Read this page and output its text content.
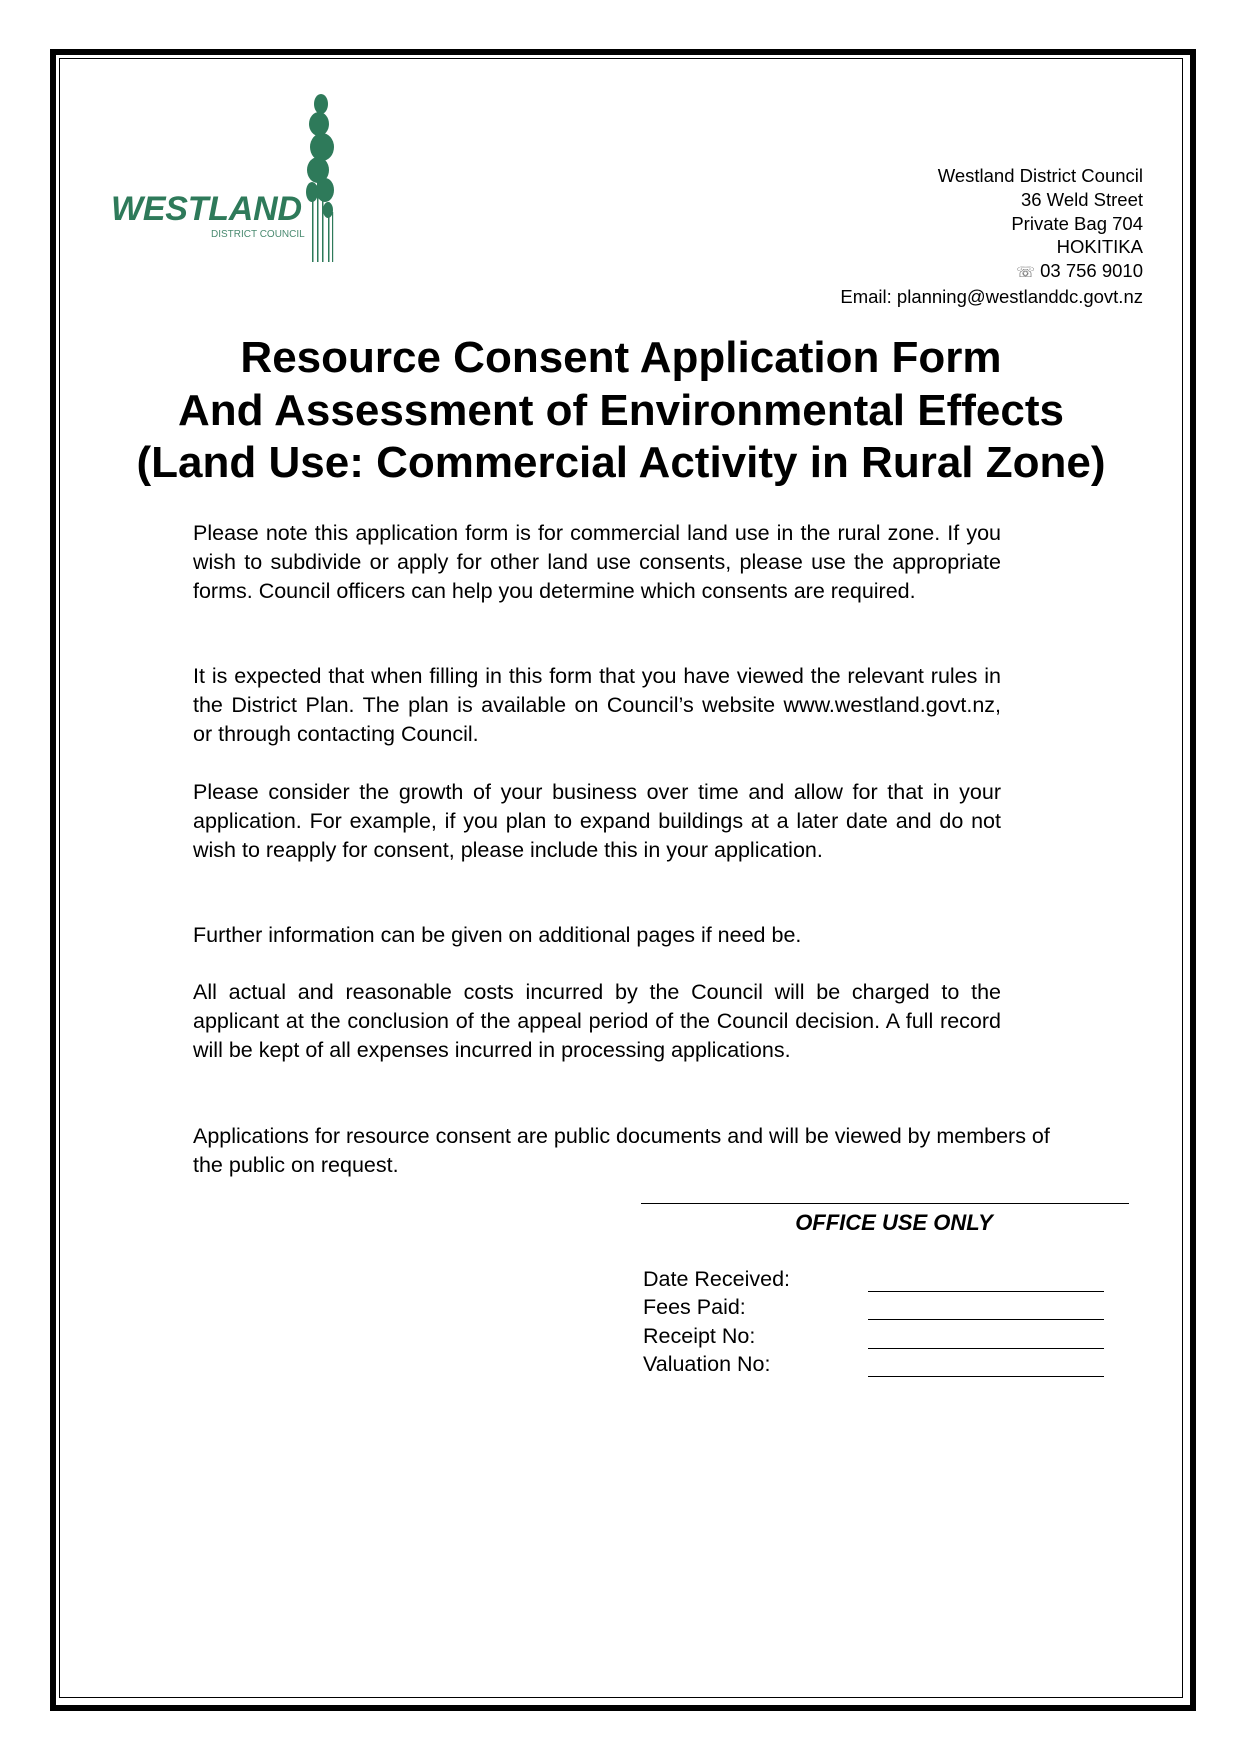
WESTLAND
DISTRICT COUNCIL
Westland District Council
36 Weld Street
Private Bag 704
HOKITIKA
☏ 03 756 9010
Email: planning@westlanddc.govt.nz
Resource Consent Application Form
And Assessment of Environmental Effects
(Land Use: Commercial Activity in Rural Zone)
Please note this application form is for commercial land use in the rural zone. If you wish to subdivide or apply for other land use consents, please use the appropriate forms. Council officers can help you determine which consents are required.
It is expected that when filling in this form that you have viewed the relevant rules in the District Plan. The plan is available on Council’s website www.westland.govt.nz, or through contacting Council.
Please consider the growth of your business over time and allow for that in your application. For example, if you plan to expand buildings at a later date and do not wish to reapply for consent, please include this in your application.
Further information can be given on additional pages if need be.
All actual and reasonable costs incurred by the Council will be charged to the applicant at the conclusion of the appeal period of the Council decision. A full record will be kept of all expenses incurred in processing applications.
Applications for resource consent are public documents and will be viewed by members of the public on request.
OFFICE USE ONLY
Date Received:
Fees Paid:
Receipt No:
Valuation No:
